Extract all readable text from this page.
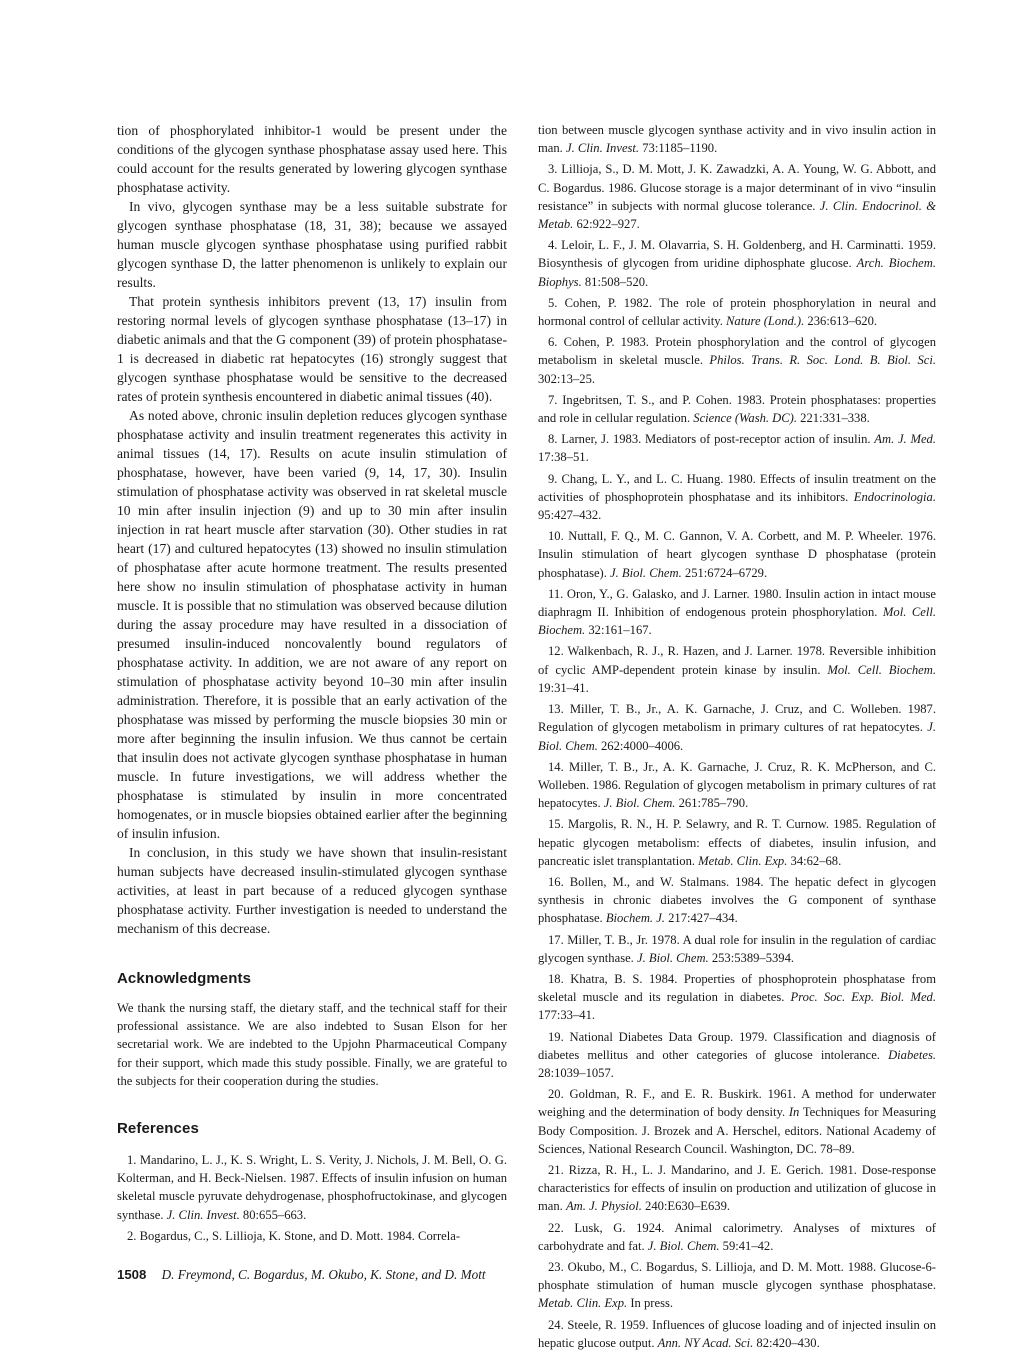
tion of phosphorylated inhibitor-1 would be present under the conditions of the glycogen synthase phosphatase assay used here. This could account for the results generated by lowering glycogen synthase phosphatase activity.

In vivo, glycogen synthase may be a less suitable substrate for glycogen synthase phosphatase (18, 31, 38); because we assayed human muscle glycogen synthase phosphatase using purified rabbit glycogen synthase D, the latter phenomenon is unlikely to explain our results.

That protein synthesis inhibitors prevent (13, 17) insulin from restoring normal levels of glycogen synthase phosphatase (13–17) in diabetic animals and that the G component (39) of protein phosphatase-1 is decreased in diabetic rat hepatocytes (16) strongly suggest that glycogen synthase phosphatase would be sensitive to the decreased rates of protein synthesis encountered in diabetic animal tissues (40).

As noted above, chronic insulin depletion reduces glycogen synthase phosphatase activity and insulin treatment regenerates this activity in animal tissues (14, 17). Results on acute insulin stimulation of phosphatase, however, have been varied (9, 14, 17, 30). Insulin stimulation of phosphatase activity was observed in rat skeletal muscle 10 min after insulin injection (9) and up to 30 min after insulin injection in rat heart muscle after starvation (30). Other studies in rat heart (17) and cultured hepatocytes (13) showed no insulin stimulation of phosphatase after acute hormone treatment. The results presented here show no insulin stimulation of phosphatase activity in human muscle. It is possible that no stimulation was observed because dilution during the assay procedure may have resulted in a dissociation of presumed insulin-induced noncovalently bound regulators of phosphatase activity. In addition, we are not aware of any report on stimulation of phosphatase activity beyond 10–30 min after insulin administration. Therefore, it is possible that an early activation of the phosphatase was missed by performing the muscle biopsies 30 min or more after beginning the insulin infusion. We thus cannot be certain that insulin does not activate glycogen synthase phosphatase in human muscle. In future investigations, we will address whether the phosphatase is stimulated by insulin in more concentrated homogenates, or in muscle biopsies obtained earlier after the beginning of insulin infusion.

In conclusion, in this study we have shown that insulin-resistant human subjects have decreased insulin-stimulated glycogen synthase activities, at least in part because of a reduced glycogen synthase phosphatase activity. Further investigation is needed to understand the mechanism of this decrease.

Acknowledgments

We thank the nursing staff, the dietary staff, and the technical staff for their professional assistance. We are also indebted to Susan Elson for her secretarial work. We are indebted to the Upjohn Pharmaceutical Company for their support, which made this study possible. Finally, we are grateful to the subjects for their cooperation during the studies.

References

1. Mandarino, L. J., K. S. Wright, L. S. Verity, J. Nichols, J. M. Bell, O. G. Kolterman, and H. Beck-Nielsen. 1987. Effects of insulin infusion on human skeletal muscle pyruvate dehydrogenase, phosphofructokinase, and glycogen synthase. J. Clin. Invest. 80:655–663.

2. Bogardus, C., S. Lillioja, K. Stone, and D. Mott. 1984. Correla-

tion between muscle glycogen synthase activity and in vivo insulin action in man. J. Clin. Invest. 73:1185–1190.

3. Lillioja, S., D. M. Mott, J. K. Zawadzki, A. A. Young, W. G. Abbott, and C. Bogardus. 1986. Glucose storage is a major determinant of in vivo “insulin resistance” in subjects with normal glucose tolerance. J. Clin. Endocrinol. & Metab. 62:922–927.

4. Leloir, L. F., J. M. Olavarria, S. H. Goldenberg, and H. Carminatti. 1959. Biosynthesis of glycogen from uridine diphosphate glucose. Arch. Biochem. Biophys. 81:508–520.

5. Cohen, P. 1982. The role of protein phosphorylation in neural and hormonal control of cellular activity. Nature (Lond.). 236:613–620.

6. Cohen, P. 1983. Protein phosphorylation and the control of glycogen metabolism in skeletal muscle. Philos. Trans. R. Soc. Lond. B. Biol. Sci. 302:13–25.

7. Ingebritsen, T. S., and P. Cohen. 1983. Protein phosphatases: properties and role in cellular regulation. Science (Wash. DC). 221:331–338.

8. Larner, J. 1983. Mediators of post-receptor action of insulin. Am. J. Med. 17:38–51.

9. Chang, L. Y., and L. C. Huang. 1980. Effects of insulin treatment on the activities of phosphoprotein phosphatase and its inhibitors. Endocrinologia. 95:427–432.

10. Nuttall, F. Q., M. C. Gannon, V. A. Corbett, and M. P. Wheeler. 1976. Insulin stimulation of heart glycogen synthase D phosphatase (protein phosphatase). J. Biol. Chem. 251:6724–6729.

11. Oron, Y., G. Galasko, and J. Larner. 1980. Insulin action in intact mouse diaphragm II. Inhibition of endogenous protein phosphorylation. Mol. Cell. Biochem. 32:161–167.

12. Walkenbach, R. J., R. Hazen, and J. Larner. 1978. Reversible inhibition of cyclic AMP-dependent protein kinase by insulin. Mol. Cell. Biochem. 19:31–41.

13. Miller, T. B., Jr., A. K. Garnache, J. Cruz, and C. Wolleben. 1987. Regulation of glycogen metabolism in primary cultures of rat hepatocytes. J. Biol. Chem. 262:4000–4006.

14. Miller, T. B., Jr., A. K. Garnache, J. Cruz, R. K. McPherson, and C. Wolleben. 1986. Regulation of glycogen metabolism in primary cultures of rat hepatocytes. J. Biol. Chem. 261:785–790.

15. Margolis, R. N., H. P. Selawry, and R. T. Curnow. 1985. Regulation of hepatic glycogen metabolism: effects of diabetes, insulin infusion, and pancreatic islet transplantation. Metab. Clin. Exp. 34:62–68.

16. Bollen, M., and W. Stalmans. 1984. The hepatic defect in glycogen synthesis in chronic diabetes involves the G component of synthase phosphatase. Biochem. J. 217:427–434.

17. Miller, T. B., Jr. 1978. A dual role for insulin in the regulation of cardiac glycogen synthase. J. Biol. Chem. 253:5389–5394.

18. Khatra, B. S. 1984. Properties of phosphoprotein phosphatase from skeletal muscle and its regulation in diabetes. Proc. Soc. Exp. Biol. Med. 177:33–41.

19. National Diabetes Data Group. 1979. Classification and diagnosis of diabetes mellitus and other categories of glucose intolerance. Diabetes. 28:1039–1057.

20. Goldman, R. F., and E. R. Buskirk. 1961. A method for underwater weighing and the determination of body density. In Techniques for Measuring Body Composition. J. Brozek and A. Herschel, editors. National Academy of Sciences, National Research Council. Washington, DC. 78–89.

21. Rizza, R. H., L. J. Mandarino, and J. E. Gerich. 1981. Dose-response characteristics for effects of insulin on production and utilization of glucose in man. Am. J. Physiol. 240:E630–E639.

22. Lusk, G. 1924. Animal calorimetry. Analyses of mixtures of carbohydrate and fat. J. Biol. Chem. 59:41–42.

23. Okubo, M., C. Bogardus, S. Lillioja, and D. M. Mott. 1988. Glucose-6-phosphate stimulation of human muscle glycogen synthase phosphatase. Metab. Clin. Exp. In press.

24. Steele, R. 1959. Influences of glucose loading and of injected insulin on hepatic glucose output. Ann. NY Acad. Sci. 82:420–430.

1508 D. Freymond, C. Bogardus, M. Okubo, K. Stone, and D. Mott
